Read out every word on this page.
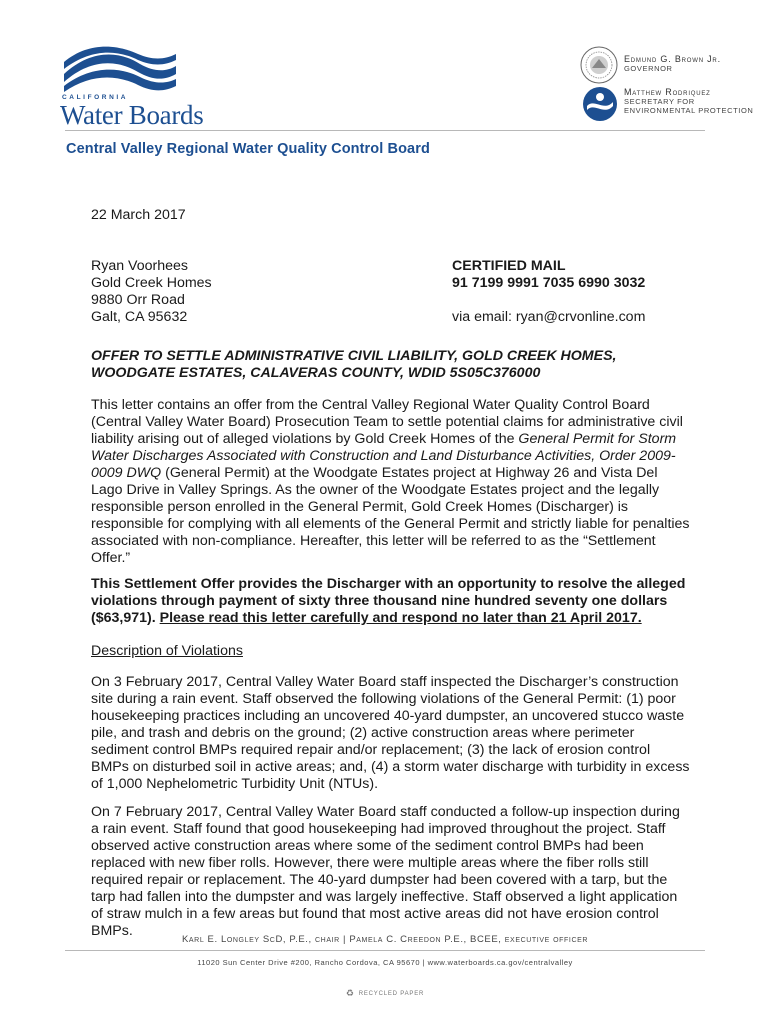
CALIFORNIA
Water Boards
Edmund G. Brown Jr.
GOVERNOR
Matthew Rodriquez
SECRETARY FOR
ENVIRONMENTAL PROTECTION
Central Valley Regional Water Quality Control Board
22 March 2017
Ryan Voorhees
Gold Creek Homes
9880 Orr Road
Galt, CA 95632
CERTIFIED MAIL
91 7199 9991 7035 6990 3032

via email: ryan@crvonline.com
OFFER TO SETTLE ADMINISTRATIVE CIVIL LIABILITY, GOLD CREEK HOMES, WOODGATE ESTATES, CALAVERAS COUNTY, WDID 5S05C376000
This letter contains an offer from the Central Valley Regional Water Quality Control Board (Central Valley Water Board) Prosecution Team to settle potential claims for administrative civil liability arising out of alleged violations by Gold Creek Homes of the General Permit for Storm Water Discharges Associated with Construction and Land Disturbance Activities, Order 2009-0009 DWQ (General Permit) at the Woodgate Estates project at Highway 26 and Vista Del Lago Drive in Valley Springs. As the owner of the Woodgate Estates project and the legally responsible person enrolled in the General Permit, Gold Creek Homes (Discharger) is responsible for complying with all elements of the General Permit and strictly liable for penalties associated with non-compliance. Hereafter, this letter will be referred to as the “Settlement Offer.”
This Settlement Offer provides the Discharger with an opportunity to resolve the alleged violations through payment of sixty three thousand nine hundred seventy one dollars ($63,971). Please read this letter carefully and respond no later than 21 April 2017.
Description of Violations
On 3 February 2017, Central Valley Water Board staff inspected the Discharger’s construction site during a rain event. Staff observed the following violations of the General Permit: (1) poor housekeeping practices including an uncovered 40-yard dumpster, an uncovered stucco waste pile, and trash and debris on the ground; (2) active construction areas where perimeter sediment control BMPs required repair and/or replacement; (3) the lack of erosion control BMPs on disturbed soil in active areas; and, (4) a storm water discharge with turbidity in excess of 1,000 Nephelometric Turbidity Unit (NTUs).
On 7 February 2017, Central Valley Water Board staff conducted a follow-up inspection during a rain event. Staff found that good housekeeping had improved throughout the project. Staff observed active construction areas where some of the sediment control BMPs had been replaced with new fiber rolls. However, there were multiple areas where the fiber rolls still required repair or replacement. The 40-yard dumpster had been covered with a tarp, but the tarp had fallen into the dumpster and was largely ineffective. Staff observed a light application of straw mulch in a few areas but found that most active areas did not have erosion control BMPs.
Karl E. Longley ScD, P.E., chair | Pamela C. Creedon P.E., BCEE, executive officer
11020 Sun Center Drive #200, Rancho Cordova, CA 95670 | www.waterboards.ca.gov/centralvalley
♻ RECYCLED PAPER
